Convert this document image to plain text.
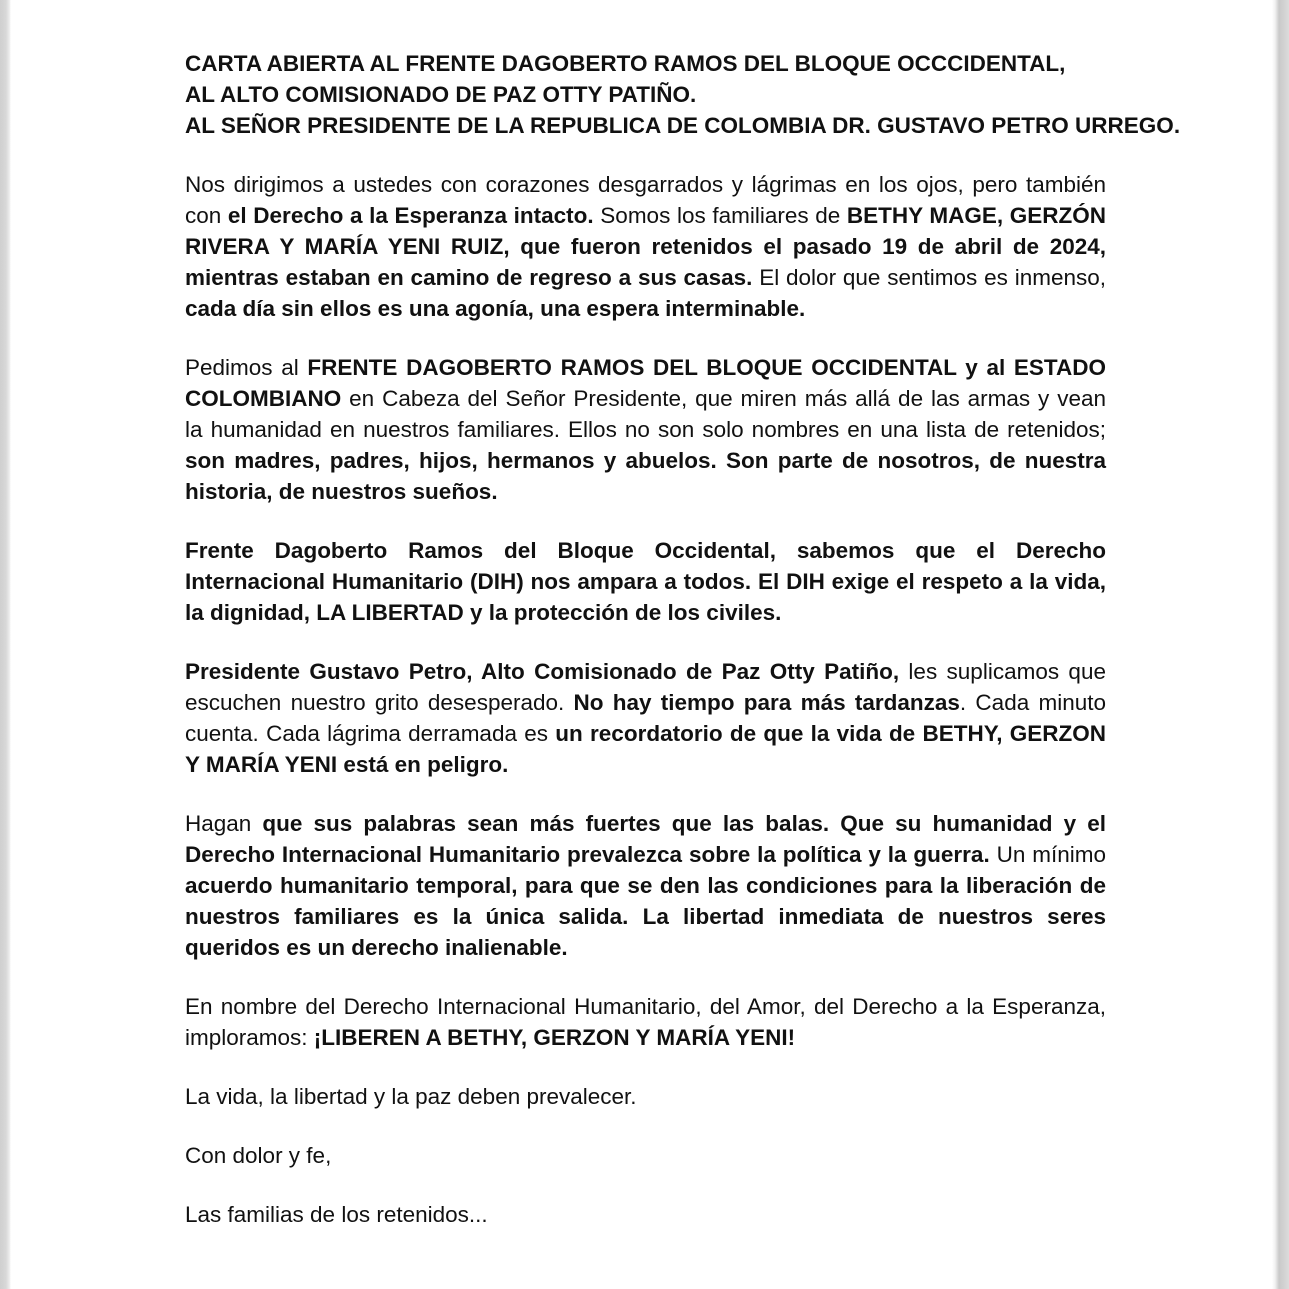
CARTA ABIERTA AL FRENTE DAGOBERTO RAMOS DEL BLOQUE OCCCIDENTAL,
AL ALTO COMISIONADO DE PAZ OTTY PATIÑO.
AL SEÑOR PRESIDENTE DE LA REPUBLICA DE COLOMBIA DR. GUSTAVO PETRO URREGO.

Nos dirigimos a ustedes con corazones desgarrados y lágrimas en los ojos, pero también con el Derecho a la Esperanza intacto. Somos los familiares de BETHY MAGE, GERZÓN RIVERA Y MARÍA YENI RUIZ, que fueron retenidos el pasado 19 de abril de 2024, mientras estaban en camino de regreso a sus casas. El dolor que sentimos es inmenso, cada día sin ellos es una agonía, una espera interminable.

Pedimos al FRENTE DAGOBERTO RAMOS DEL BLOQUE OCCIDENTAL y al ESTADO COLOMBIANO en Cabeza del Señor Presidente, que miren más allá de las armas y vean la humanidad en nuestros familiares. Ellos no son solo nombres en una lista de retenidos; son madres, padres, hijos, hermanos y abuelos. Son parte de nosotros, de nuestra historia, de nuestros sueños.

Frente Dagoberto Ramos del Bloque Occidental, sabemos que el Derecho Internacional Humanitario (DIH) nos ampara a todos. El DIH exige el respeto a la vida, la dignidad, LA LIBERTAD y la protección de los civiles.

Presidente Gustavo Petro, Alto Comisionado de Paz Otty Patiño, les suplicamos que escuchen nuestro grito desesperado. No hay tiempo para más tardanzas. Cada minuto cuenta. Cada lágrima derramada es un recordatorio de que la vida de BETHY, GERZON Y MARÍA YENI está en peligro.

Hagan que sus palabras sean más fuertes que las balas. Que su humanidad y el Derecho Internacional Humanitario prevalezca sobre la política y la guerra. Un mínimo acuerdo humanitario temporal, para que se den las condiciones para la liberación de nuestros familiares es la única salida. La libertad inmediata de nuestros seres queridos es un derecho inalienable.

En nombre del Derecho Internacional Humanitario, del Amor, del Derecho a la Esperanza, imploramos: ¡LIBEREN A BETHY, GERZON Y MARÍA YENI!

La vida, la libertad y la paz deben prevalecer.

Con dolor y fe,

Las familias de los retenidos...
